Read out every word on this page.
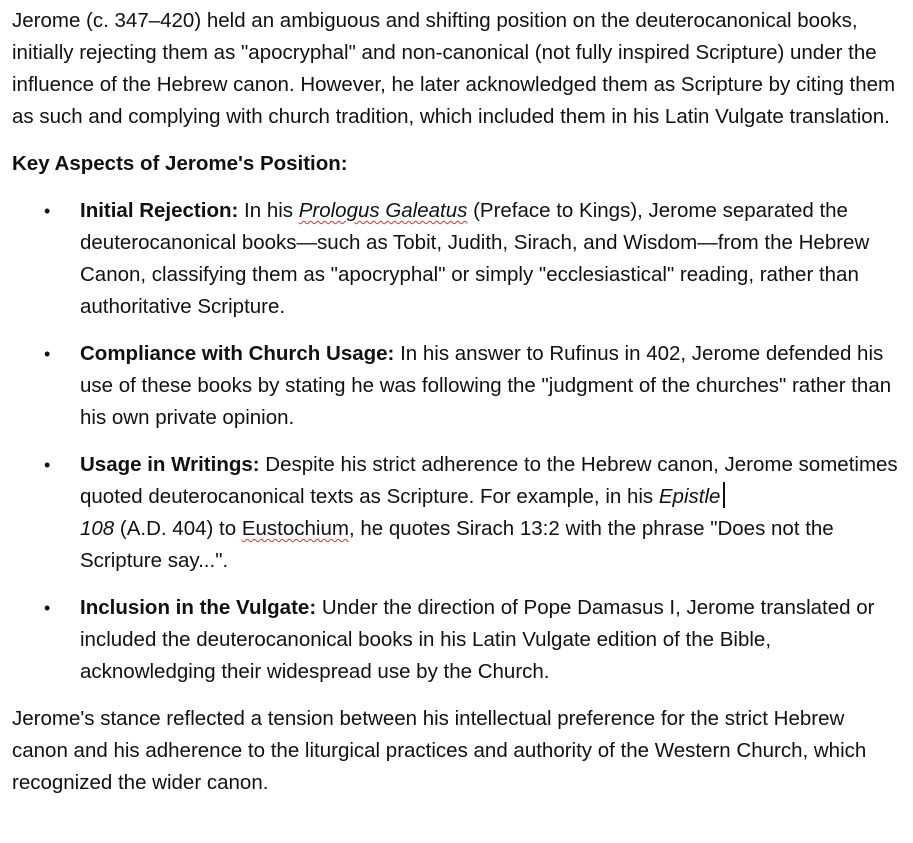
Jerome (c. 347–420) held an ambiguous and shifting position on the deuterocanonical books, initially rejecting them as "apocryphal" and non-canonical (not fully inspired Scripture) under the influence of the Hebrew canon. However, he later acknowledged them as Scripture by citing them as such and complying with church tradition, which included them in his Latin Vulgate translation.

Key Aspects of Jerome's Position:

• Initial Rejection: In his Prologus Galeatus (Preface to Kings), Jerome separated the deuterocanonical books—such as Tobit, Judith, Sirach, and Wisdom—from the Hebrew Canon, classifying them as "apocryphal" or simply "ecclesiastical" reading, rather than authoritative Scripture.
• Compliance with Church Usage: In his answer to Rufinus in 402, Jerome defended his use of these books by stating he was following the "judgment of the churches" rather than his own private opinion.
• Usage in Writings: Despite his strict adherence to the Hebrew canon, Jerome sometimes quoted deuterocanonical texts as Scripture. For example, in his Epistle
108 (A.D. 404) to Eustochium, he quotes Sirach 13:2 with the phrase "Does not the Scripture say...".
• Inclusion in the Vulgate: Under the direction of Pope Damasus I, Jerome translated or included the deuterocanonical books in his Latin Vulgate edition of the Bible, acknowledging their widespread use by the Church.

Jerome's stance reflected a tension between his intellectual preference for the strict Hebrew canon and his adherence to the liturgical practices and authority of the Western Church, which recognized the wider canon.
